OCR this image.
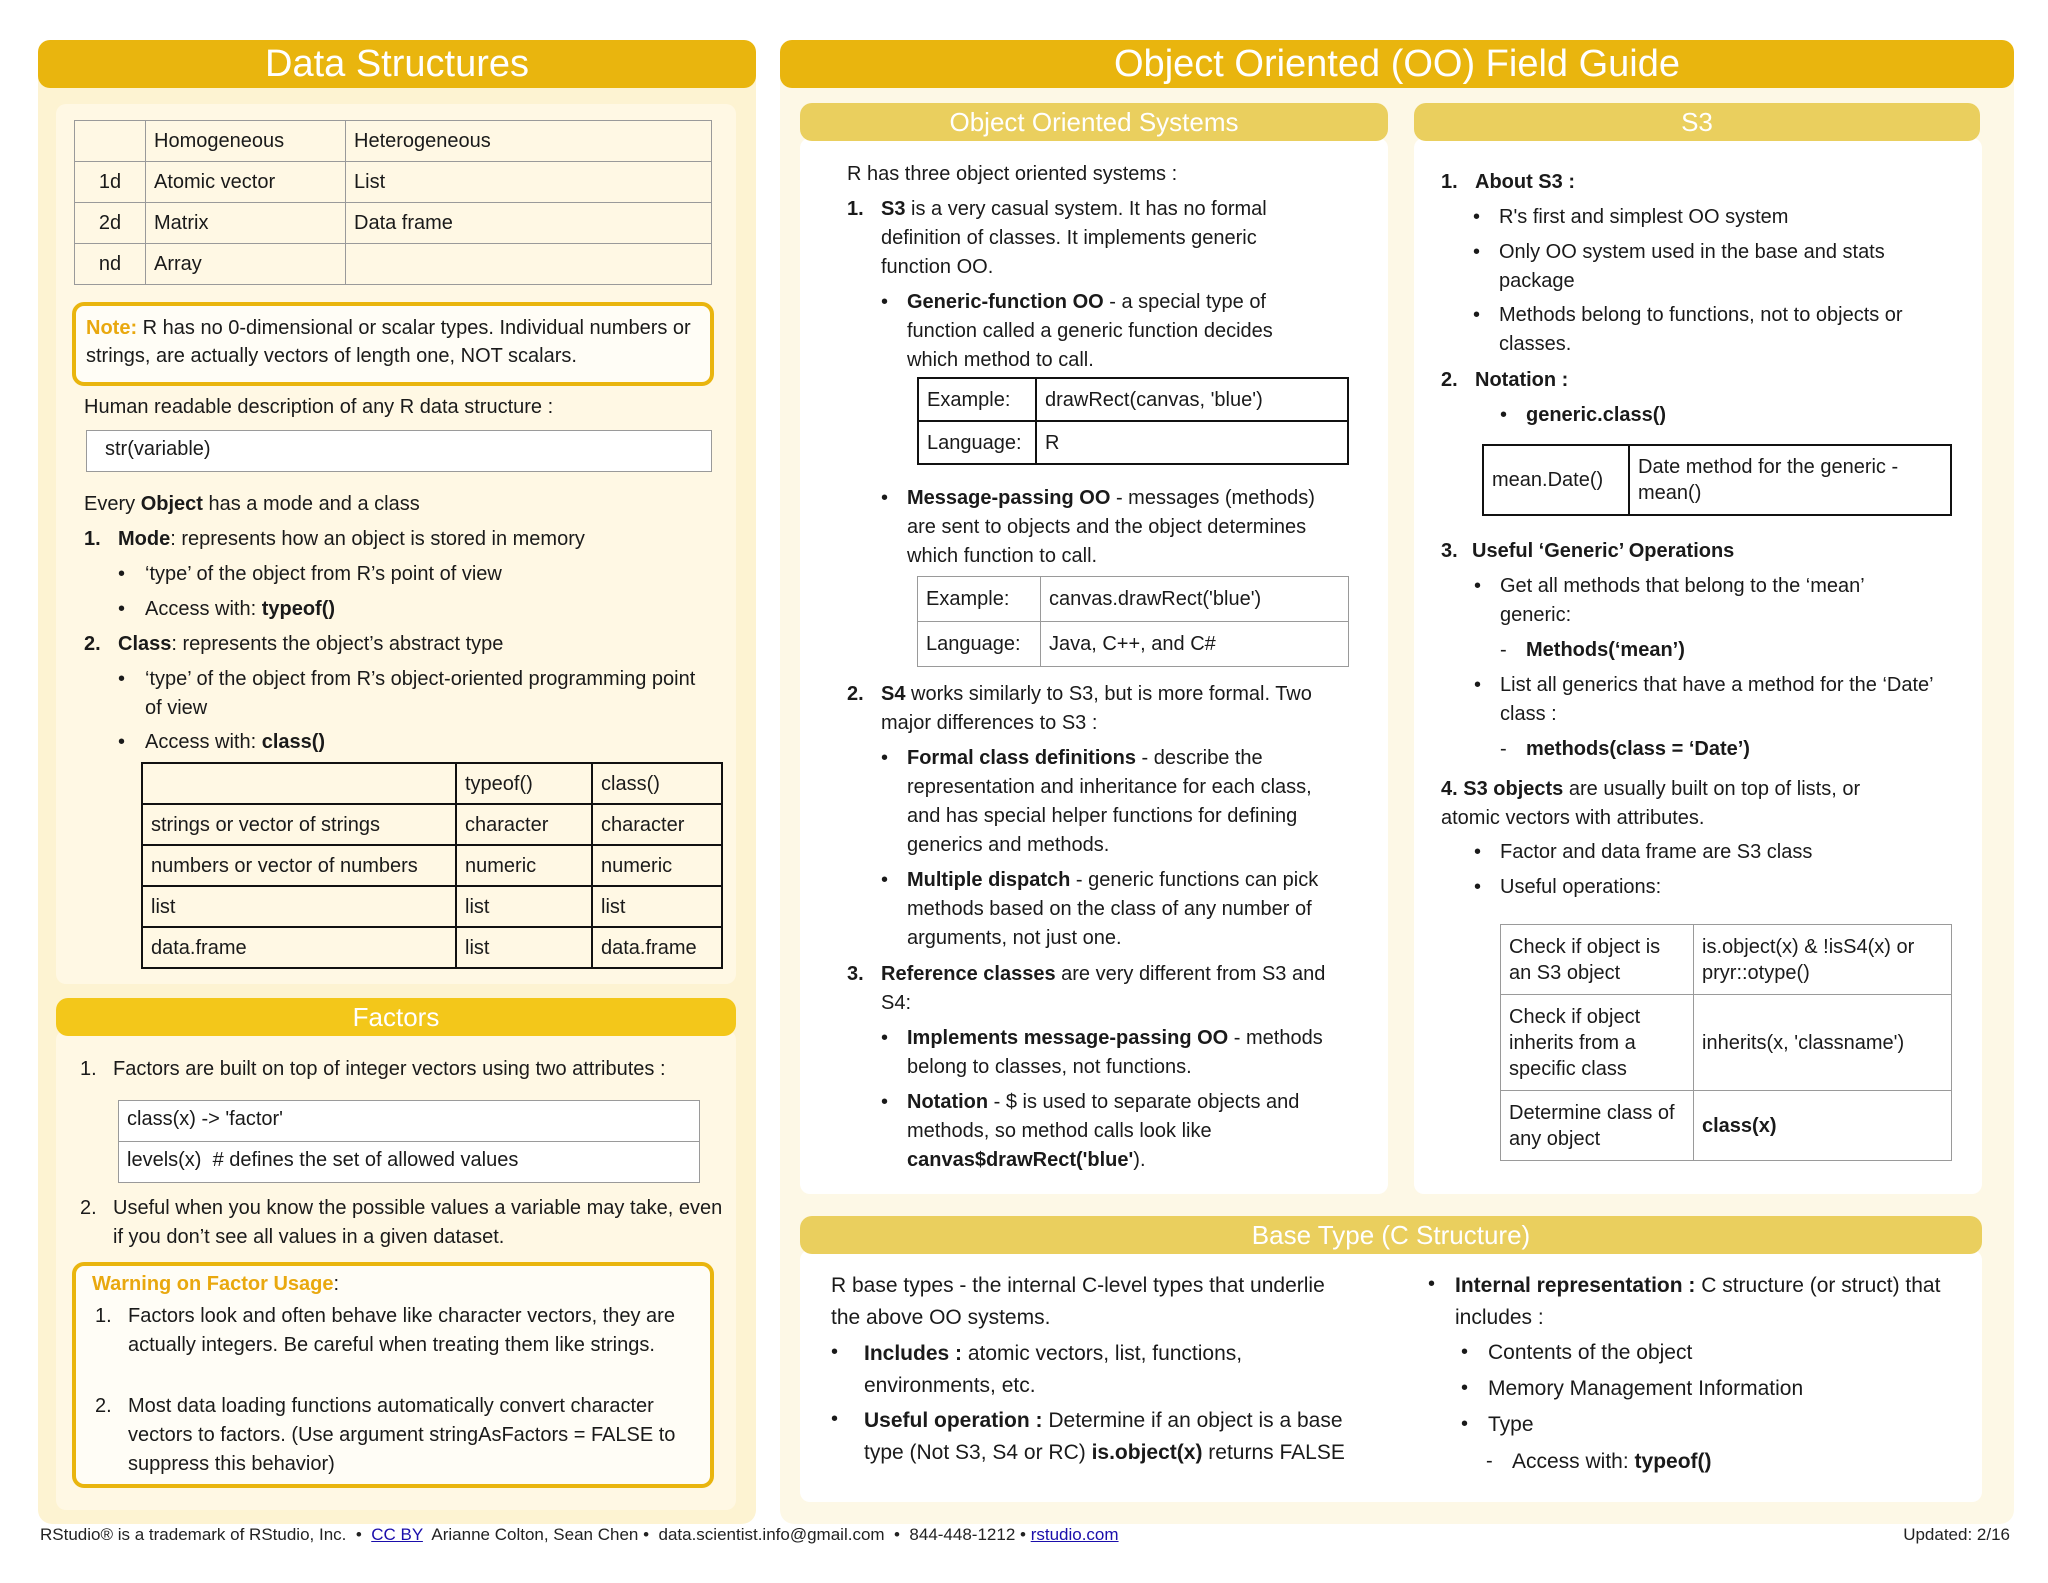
Data Structures	Object Oriented (OO) Field Guide
Object Oriented Systems	S3
Factors
Base Type (C Structure)
	Homogeneous	Heterogeneous
1d	Atomic vector	List
2d	Matrix	Data frame
nd	Array	
Note: R has no 0-dimensional or scalar types. Individual numbers or strings, are actually vectors of length one, NOT scalars.
Human readable description of any R data structure :
str(variable)
Every Object has a mode and a class
1. Mode: represents how an object is stored in memory
• ‘type’ of the object from R’s point of view
• Access with: typeof()
2. Class: represents the object’s abstract type
• ‘type’ of the object from R’s object-oriented programming point of view
• Access with: class()
	typeof()	class()
strings or vector of strings	character	character
numbers or vector of numbers	numeric	numeric
list	list	list
data.frame	list	data.frame
1. Factors are built on top of integer vectors using two attributes :
class(x) -> 'factor'
levels(x)  # defines the set of allowed values
2. Useful when you know the possible values a variable may take, even if you don’t see all values in a given dataset.
Warning on Factor Usage:
1. Factors look and often behave like character vectors, they are actually integers. Be careful when treating them like strings.
2. Most data loading functions automatically convert character vectors to factors. (Use argument stringAsFactors = FALSE to suppress this behavior)
R has three object oriented systems :
1. S3 is a very casual system. It has no formal definition of classes. It implements generic function OO.
• Generic-function OO - a special type of function called a generic function decides which method to call.
Example:	drawRect(canvas, 'blue')
Language:	R
• Message-passing OO - messages (methods) are sent to objects and the object determines which function to call.
Example:	canvas.drawRect('blue')
Language:	Java, C++, and C#
2. S4 works similarly to S3, but is more formal. Two major differences to S3 :
• Formal class definitions - describe the representation and inheritance for each class, and has special helper functions for defining generics and methods.
• Multiple dispatch - generic functions can pick methods based on the class of any number of arguments, not just one.
3. Reference classes are very different from S3 and S4:
• Implements message-passing OO - methods belong to classes, not functions.
• Notation - $ is used to separate objects and methods, so method calls look like canvas$drawRect('blue').
1. About S3 :
• R's first and simplest OO system
• Only OO system used in the base and stats package
• Methods belong to functions, not to objects or classes.
2. Notation :
• generic.class()
mean.Date()	Date method for the generic - mean()
3. Useful ‘Generic’ Operations
• Get all methods that belong to the ‘mean’ generic:
- Methods(‘mean’)
• List all generics that have a method for the ‘Date’ class :
- methods(class = ‘Date’)
4. S3 objects are usually built on top of lists, or atomic vectors with attributes.
• Factor and data frame are S3 class
• Useful operations:
Check if object is an S3 object	is.object(x) & !isS4(x) or pryr::otype()
Check if object inherits from a specific class	inherits(x, 'classname')
Determine class of any object	class(x)
R base types - the internal C-level types that underlie the above OO systems.
• Includes : atomic vectors, list, functions, environments, etc.
• Useful operation : Determine if an object is a base type (Not S3, S4 or RC) is.object(x) returns FALSE
• Internal representation : C structure (or struct) that includes :
• Contents of the object
• Memory Management Information
• Type
- Access with: typeof()
RStudio® is a trademark of RStudio, Inc.  •  CC BY  Arianne Colton, Sean Chen •  data.scientist.info@gmail.com  •  844-448-1212 • rstudio.com	Updated: 2/16
